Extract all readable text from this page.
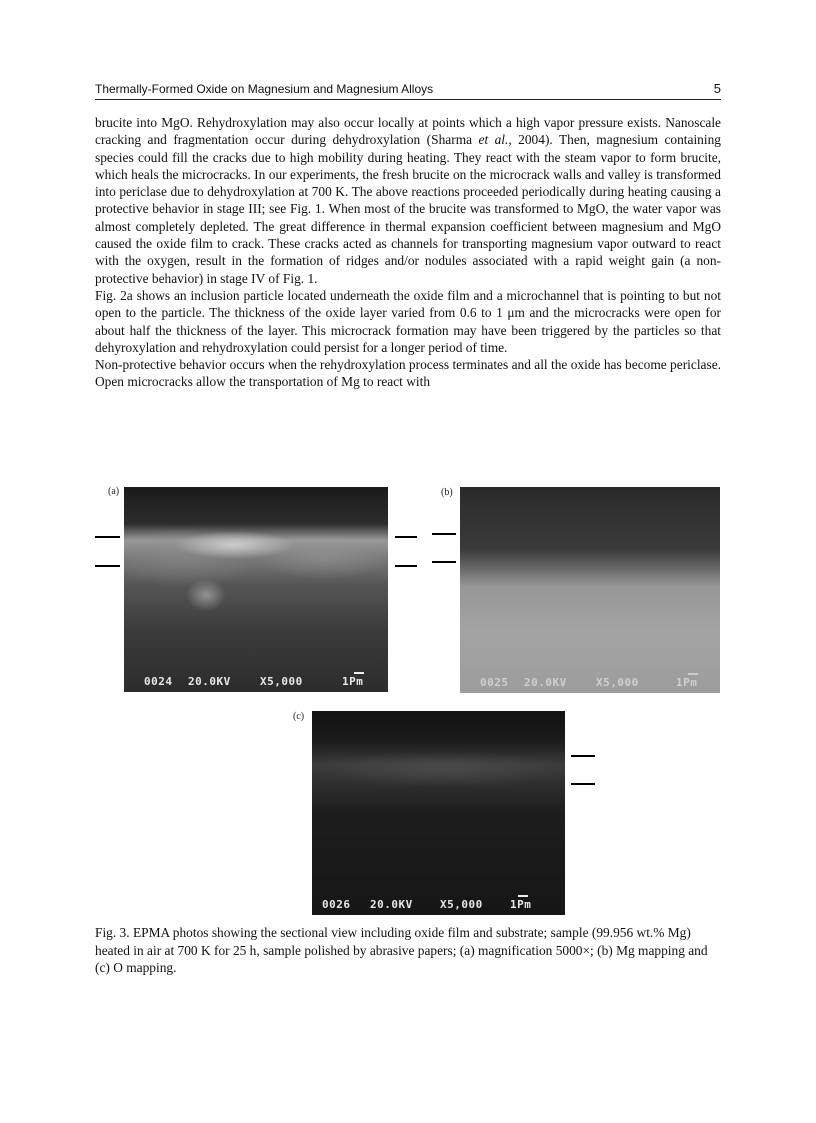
Thermally-Formed Oxide on Magnesium and Magnesium Alloys	5

brucite into MgO. Rehydroxylation may also occur locally at points which a high vapor pressure exists. Nanoscale cracking and fragmentation occur during dehydroxylation (Sharma et al., 2004). Then, magnesium containing species could fill the cracks due to high mobility during heating. They react with the steam vapor to form brucite, which heals the microcracks. In our experiments, the fresh brucite on the microcrack walls and valley is transformed into periclase due to dehydroxylation at 700 K. The above reactions proceeded periodically during heating causing a protective behavior in stage III; see Fig. 1. When most of the brucite was transformed to MgO, the water vapor was almost completely depleted. The great difference in thermal expansion coefficient between magnesium and MgO caused the oxide film to crack. These cracks acted as channels for transporting magnesium vapor outward to react with the oxygen, result in the formation of ridges and/or nodules associated with a rapid weight gain (a non-protective behavior) in stage IV of Fig. 1.

Fig. 2a shows an inclusion particle located underneath the oxide film and a microchannel that is pointing to but not open to the particle. The thickness of the oxide layer varied from 0.6 to 1 μm and the microcracks were open for about half the thickness of the layer. This microcrack formation may have been triggered by the particles so that dehyroxylation and rehydroxylation could persist for a longer period of time.

Non-protective behavior occurs when the rehydroxylation process terminates and all the oxide has become periclase. Open microcracks allow the transportation of Mg to react with

(a)
0024 20.0KV	X5,000	1Pm
(b)
0025 20.0KV	X5,000	1Pm
(c)
0026 20.0KV X5,000 1Pm
Fig. 3. EPMA photos showing the sectional view including oxide film and substrate; sample (99.956 wt.% Mg) heated in air at 700 K for 25 h, sample polished by abrasive papers; (a) magnification 5000×; (b) Mg mapping and (c) O mapping.
